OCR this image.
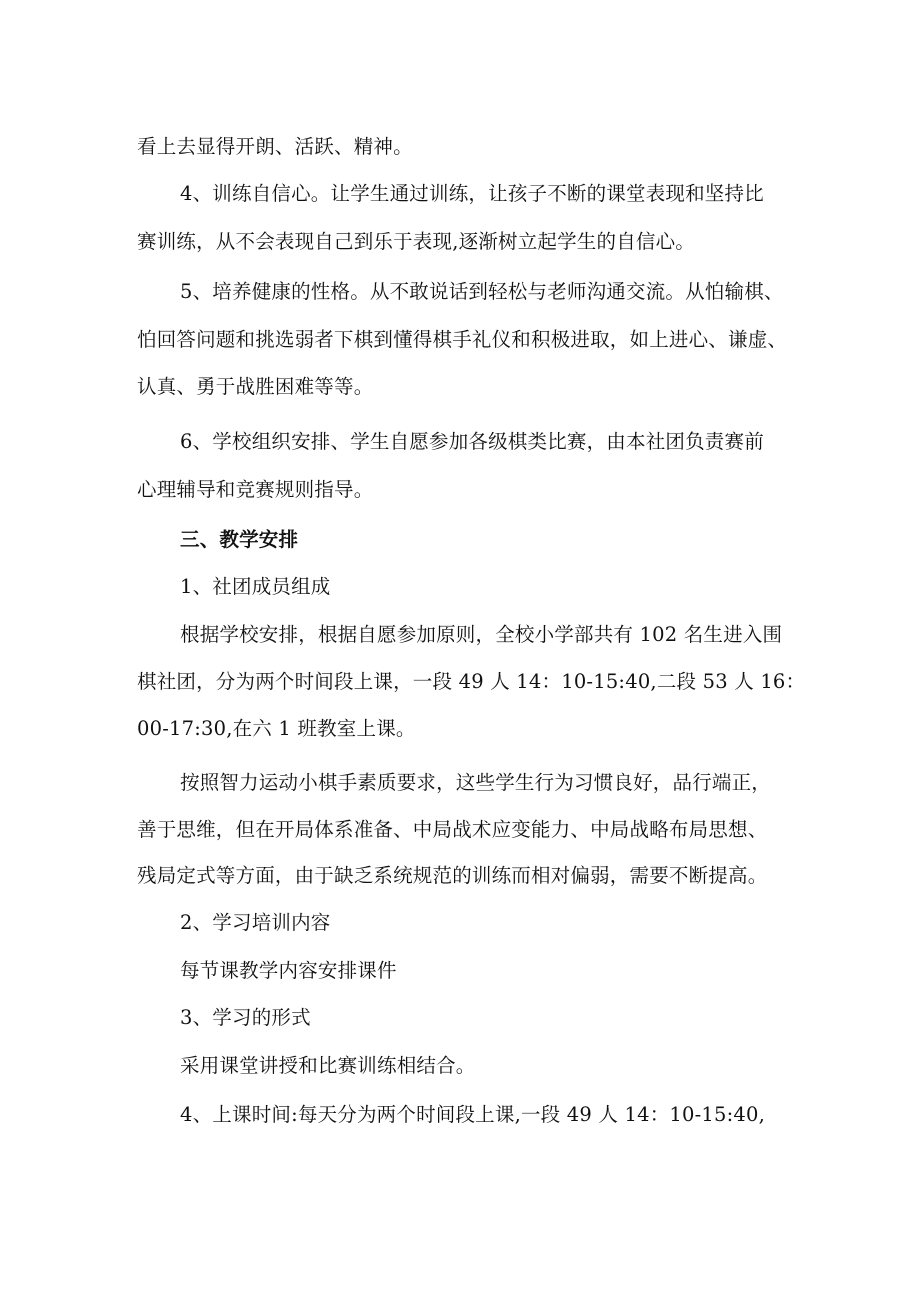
看上去显得开朗、活跃、精神。
4、训练自信心。让学生通过训练，让孩子不断的课堂表现和坚持比
赛训练，从不会表现自己到乐于表现,逐渐树立起学生的自信心。
5、培养健康的性格。从不敢说话到轻松与老师沟通交流。从怕输棋、
怕回答问题和挑选弱者下棋到懂得棋手礼仪和积极进取，如上进心、谦虚、
认真、勇于战胜困难等等。
6、学校组织安排、学生自愿参加各级棋类比赛，由本社团负责赛前
心理辅导和竞赛规则指导。
三、教学安排
1、社团成员组成
根据学校安排，根据自愿参加原则，全校小学部共有 102 名生进入围
棋社团，分为两个时间段上课，一段 49 人 14：10-15:40,二段 53 人 16：
00-17:30,在六 1 班教室上课。
按照智力运动小棋手素质要求，这些学生行为习惯良好，品行端正，
善于思维，但在开局体系准备、中局战术应变能力、中局战略布局思想、
残局定式等方面，由于缺乏系统规范的训练而相对偏弱，需要不断提高。
2、学习培训内容
每节课教学内容安排课件
3、学习的形式
采用课堂讲授和比赛训练相结合。
4、上课时间:每天分为两个时间段上课,一段 49 人 14：10-15:40,
